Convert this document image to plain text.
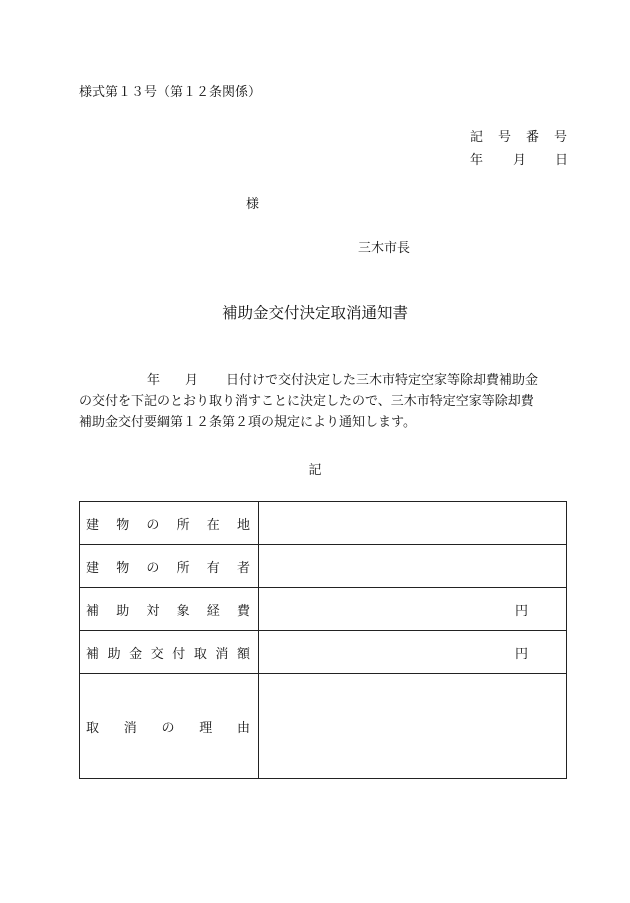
様式第１３号（第１２条関係）
記　号　番　号
年 月 日
様
三木市長
補助金交付決定取消通知書
年 月 日付けで交付決定した三木市特定空家等除却費補助金
の交付を下記のとおり取り消すことに決定したので、三木市特定空家等除却費
補助金交付要綱第１２条第２項の規定により通知します。
記
建物の所在地	
建物の所有者	
補助対象経費	円
補助金交付取消額	円
取消の理由	
